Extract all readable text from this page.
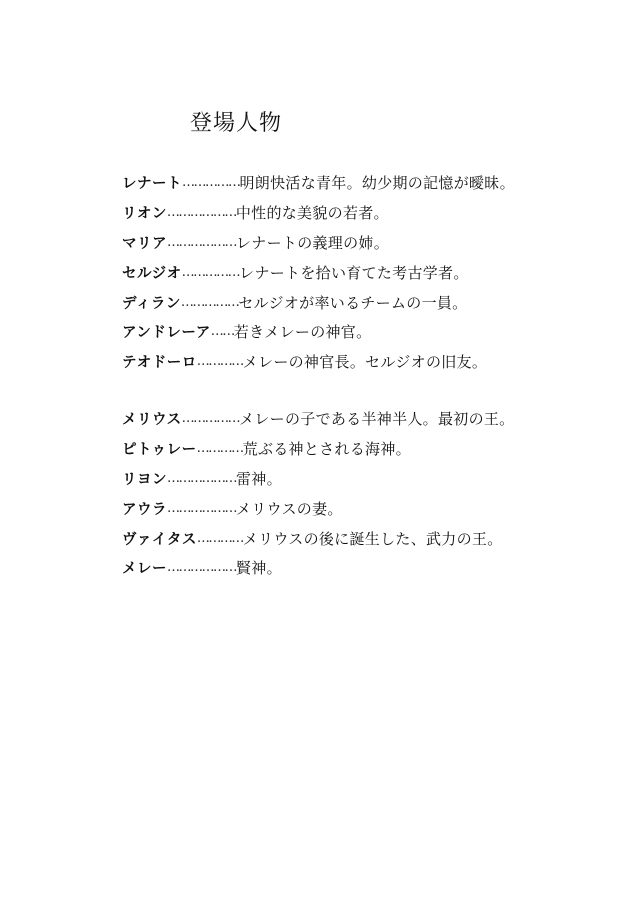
登場人物
レナート …………… 明朗快活な青年。幼少期の記憶が曖昧。
リオン ……………… 中性的な美貌の若者。
マリア ……………… レナートの義理の姉。
セルジオ …………… レナートを拾い育てた考古学者。
ディラン …………… セルジオが率いるチームの一員。
アンドレーア …… 若きメレーの神官。
テオドーロ ………… メレーの神官長。セルジオの旧友。
メリウス …………… メレーの子である半神半人。最初の王。
ピトゥレー ………… 荒ぶる神とされる海神。
リヨン ……………… 雷神。
アウラ ……………… メリウスの妻。
ヴァイタス ………… メリウスの後に誕生した、武力の王。
メレー ……………… 賢神。
